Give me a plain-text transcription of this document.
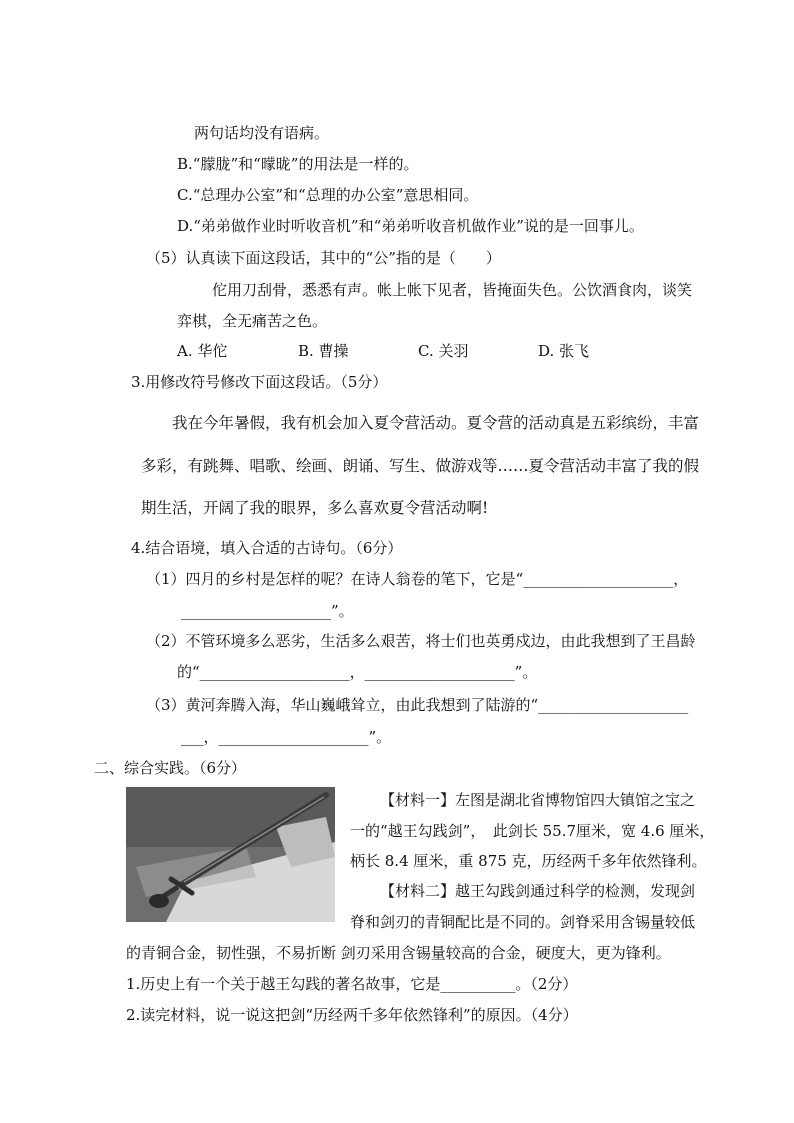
两句话均没有语病。
B.“朦胧”和“曚昽”的用法是一样的。
C.“总理办公室”和“总理的办公室”意思相同。
D.“弟弟做作业时听收音机”和“弟弟听收音机做作业”说的是一回事儿。
（5）认真读下面这段话，其中的“公”指的是（　　）
佗用刀刮骨，悉悉有声。帐上帐下见者，皆掩面失色。公饮酒食肉，谈笑
弈棋，全无痛苦之色。
A. 华佗	B. 曹操	C. 关羽	D. 张飞
3.用修改符号修改下面这段话。（5分）
我在今年暑假，我有机会加入夏令营活动。夏令营的活动真是五彩缤纷，丰富
多彩，有跳舞、唱歌、绘画、朗诵、写生、做游戏等……夏令营活动丰富了我的假
期生活，开阔了我的眼界，多么喜欢夏令营活动啊!
4.结合语境，填入合适的古诗句。（6分）
（1）四月的乡村是怎样的呢？在诗人翁卷的笔下，它是“____________________，
____________________”。
（2）不管环境多么恶劣，生活多么艰苦，将士们也英勇戍边，由此我想到了王昌龄
的“____________________，____________________”。
（3）黄河奔腾入海，华山巍峨耸立，由此我想到了陆游的“____________________
___，____________________”。
二、综合实践。（6分）
【材料一】左图是湖北省博物馆四大镇馆之宝之
一的“越王勾践剑”，　此剑长 55.7厘米，宽 4.6 厘米，
柄长 8.4 厘米，重 875 克，历经两千多年依然锋利。
【材料二】越王勾践剑通过科学的检测，发现剑
脊和剑刃的青铜配比是不同的。剑脊采用含锡量较低
的青铜合金，韧性强，不易折断 剑刃采用含锡量较高的合金，硬度大，更为锋利。
1.历史上有一个关于越王勾践的著名故事，它是__________。（2分）
2.读完材料，说一说这把剑“历经两千多年依然锋利”的原因。（4分）
